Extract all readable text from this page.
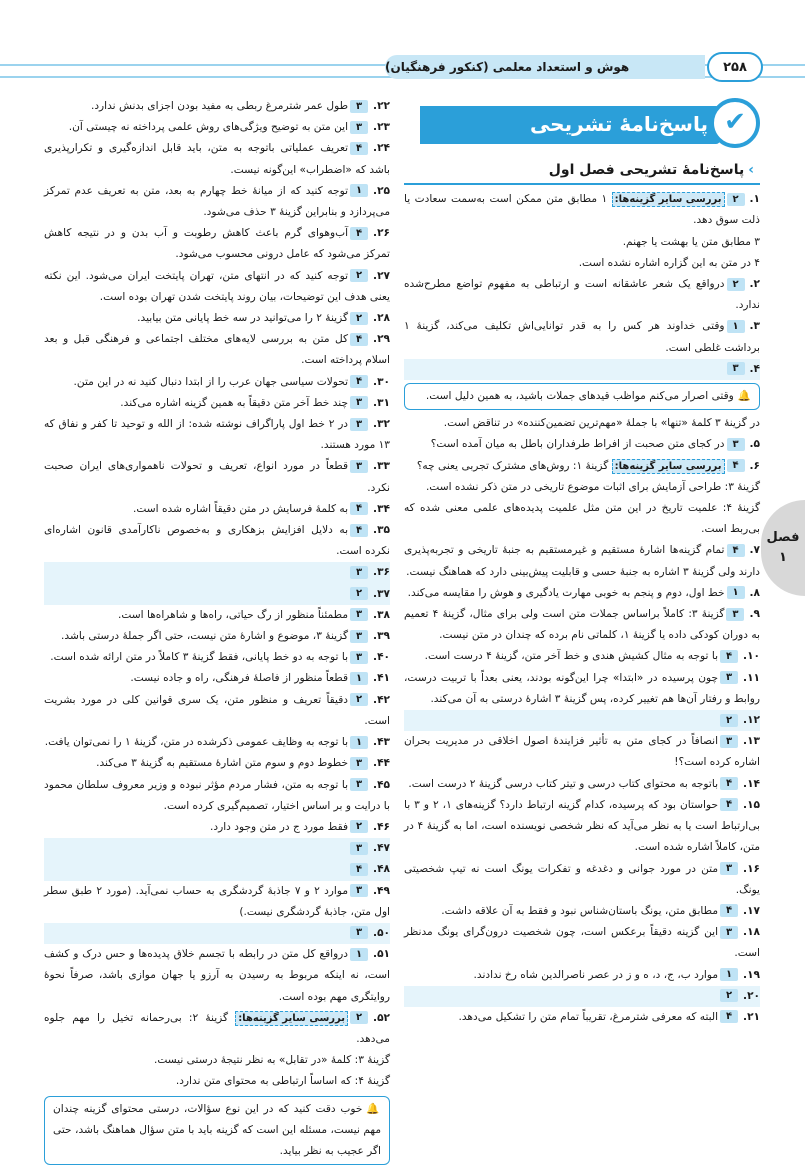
هوش و استعداد معلمی (کنکور فرهنگیان)	۲۵۸
فصل
۱
پاسخ‌نامهٔ تشریحی ✔
›پاسخ‌نامهٔ تشریحی فصل اول

۱.۲بررسی سایر گزینه‌ها: ۱ مطابق متن ممکن است به‌سمت سعادت یا ذلت سوق دهد.

۳ مطابق متن یا بهشت یا جهنم.

۴ در متن به این گزاره اشاره نشده است.

۲.۲درواقع یک شعر عاشقانه است و ارتباطی به مفهوم تواضع مطرح‌شده ندارد.

۳.۱وقتی خداوند هر کس را به قدر توانایی‌اش تکلیف می‌کند، گزینهٔ ۱ برداشت غلطی است.

۴.۳

🔔وقتی اصرار می‌کنم مواظب قیدهای جملات باشید، به همین دلیل است.

در گزینهٔ ۳ کلمهٔ «تنها» با جملهٔ «مهم‌ترین تضمین‌کننده» در تناقض است.

۵.۳در کجای متن صحبت از افراط طرفداران باطل به میان آمده است؟

۶.۴بررسی سایر گزینه‌ها: گزینهٔ ۱: روش‌های مشترک تجربی یعنی چه؟

گزینهٔ ۳: طراحی آزمایش برای اثبات موضوع تاریخی در متن ذکر نشده است.

گزینهٔ ۴: علمیت تاریخ در این متن مثل علمیت پدیده‌های علمی معنی شده که بی‌ربط است.

۷.۴تمام گزینه‌ها اشارهٔ مستقیم و غیرمستقیم به جنبهٔ تاریخی و تجربه‌پذیری دارند ولی گزینهٔ ۳ اشاره به جنبهٔ حسی و قابلیت پیش‌بینی دارد که هماهنگ نیست.

۸.۱خط اول، دوم و پنجم به خوبی مهارت یادگیری و هوش را مقایسه می‌کند.

۹.۳گزینهٔ ۳: کاملاً براساس جملات متن است ولی برای مثال، گزینهٔ ۴ تعمیم به دوران کودکی داده یا گزینهٔ ۱، کلماتی نام برده که چندان در متن نیست.

۱۰.۴با توجه به مثال کشیش هندی و خط آخر متن، گزینهٔ ۴ درست است.

۱۱.۳چون پرسیده در «ابتدا» چرا این‌گونه بودند، یعنی بعداً با تربیت درست، روابط و رفتار آن‌ها هم تغییر کرده، پس گزینهٔ ۳ اشارهٔ درستی به آن می‌کند.

۱۲.۲

۱۳.۳انصافاً در کجای متن به تأثیر فزایندهٔ اصول اخلاقی در مدیریت بحران اشاره کرده است؟!

۱۴.۴باتوجه به محتوای کتاب درسی و تیتر کتاب درسی گزینهٔ ۲ درست است.

۱۵.۴حواستان بود که پرسیده، کدام گزینه ارتباط دارد؟ گزینه‌های ۱، ۲ و ۳ با بی‌ارتباط است یا به نظر می‌آید که نظر شخصی نویسنده است، اما به گزینهٔ ۴ در متن، کاملاً اشاره شده است.

۱۶.۳متن در مورد جوانی و دغدغه و تفکرات یونگ است نه تیپ شخصیتی یونگ.

۱۷.۴مطابق متن، یونگ باستان‌شناس نبود و فقط به آن علاقه داشت.

۱۸.۳این گزینه دقیقاً برعکس است، چون شخصیت درون‌گرای یونگ مدنظر است.

۱۹.۱موارد ب، ج، د، ه و ز در عصر ناصرالدین شاه رخ ندادند.

۲۰.۲

۲۱.۴البته که معرفی شترمرغ، تقریباً تمام متن را تشکیل می‌دهد.

۲۲.۳طول عمر شترمرغ ربطی به مفید بودن اجزای بدنش ندارد.

۲۳.۳این متن به توضیح ویژگی‌های روش علمی پرداخته نه چیستی آن.

۲۴.۴تعریف عملیاتی باتوجه به متن، باید قابل اندازه‌گیری و تکرارپذیری باشد که «اضطراب» این‌گونه نیست.

۲۵.۱توجه کنید که از میانهٔ خط چهارم به بعد، متن به تعریف عدم تمرکز می‌پردازد و بنابراین گزینهٔ ۳ حذف می‌شود.

۲۶.۴آب‌وهوای گرم باعث کاهش رطوبت و آب بدن و در نتیجه کاهش تمرکز می‌شود که عامل درونی محسوب می‌شود.

۲۷.۲توجه کنید که در انتهای متن، تهران پایتخت ایران می‌شود. این نکته یعنی هدف این توضیحات، بیان روند پایتخت شدن تهران بوده است.

۲۸.۲گزینهٔ ۲ را می‌توانید در سه خط پایانی متن بیابید.

۲۹.۴کل متن به بررسی لایه‌های مختلف اجتماعی و فرهنگی قبل و بعد اسلام پرداخته است.

۳۰.۴تحولات سیاسی جهان عرب را از ابتدا دنبال کنید نه در این متن.

۳۱.۳چند خط آخر متن دقیقاً به همین گزینه اشاره می‌کند.

۳۲.۳در ۲ خط اول پاراگراف نوشته شده: از الله و توحید تا کفر و نفاق که ۱۳ مورد هستند.

۳۳.۳قطعاً در مورد انواع، تعریف و تحولات ناهمواری‌های ایران صحبت نکرد.

۳۴.۴به کلمهٔ فرسایش در متن دقیقاً اشاره شده است.

۳۵.۴به دلایل افزایش بزهکاری و به‌خصوص ناکارآمدی قانون اشاره‌ای نکرده است.

۳۶.۳

۳۷.۲

۳۸.۳مطمئناً منظور از رگ حیاتی، راه‌ها و شاهراه‌ها است.

۳۹.۳گزینهٔ ۳، موضوع و اشارهٔ متن نیست، حتی اگر جملهٔ درستی باشد.

۴۰.۳با توجه به دو خط پایانی، فقط گزینهٔ ۳ کاملاً در متن ارائه شده است.

۴۱.۱قطعاً منظور از فاصلهٔ فرهنگی، راه و جاده نیست.

۴۲.۲دقیقاً تعریف و منظور متن، یک سری قوانین کلی در مورد بشریت است.

۴۳.۱با توجه به وظایف عمومی ذکرشده در متن، گزینهٔ ۱ را نمی‌توان یافت.

۴۴.۳خطوط دوم و سوم متن اشارهٔ مستقیم به گزینهٔ ۳ می‌کند.

۴۵.۳با توجه به متن، فشار مردم مؤثر نبوده و وزیر معروف سلطان محمود با درایت و بر اساس اختیار، تصمیم‌گیری کرده است.

۴۶.۲فقط مورد ج در متن وجود دارد.

۴۷.۳

۴۸.۴

۴۹.۳موارد ۲ و ۷ جاذبهٔ گردشگری به حساب نمی‌آید. (مورد ۲ طبق سطر اول متن، جاذبهٔ گردشگری نیست.)

۵۰.۳

۵۱.۱درواقع کل متن در رابطه با تجسم خلاق پدیده‌ها و حس درک و کشف است، نه اینکه مربوط به رسیدن به آرزو یا جهان موازی باشد، صرفاً نحوهٔ روایتگری مهم بوده است.

۵۲.۲بررسی سایر گزینه‌ها: گزینهٔ ۲: بی‌رحمانه تخیل را مهم جلوه می‌دهد.

گزینهٔ ۳: کلمهٔ «در تقابل» به نظر نتیجهٔ درستی نیست.

گزینهٔ ۴: که اساساً ارتباطی به محتوای متن ندارد.

🔔خوب دقت کنید که در این نوع سؤالات، درستی محتوای گزینه چندان مهم نیست، مسئله این است که گزینه باید با متن سؤال هماهنگ باشد، حتی اگر عجیب به نظر بیاید.
